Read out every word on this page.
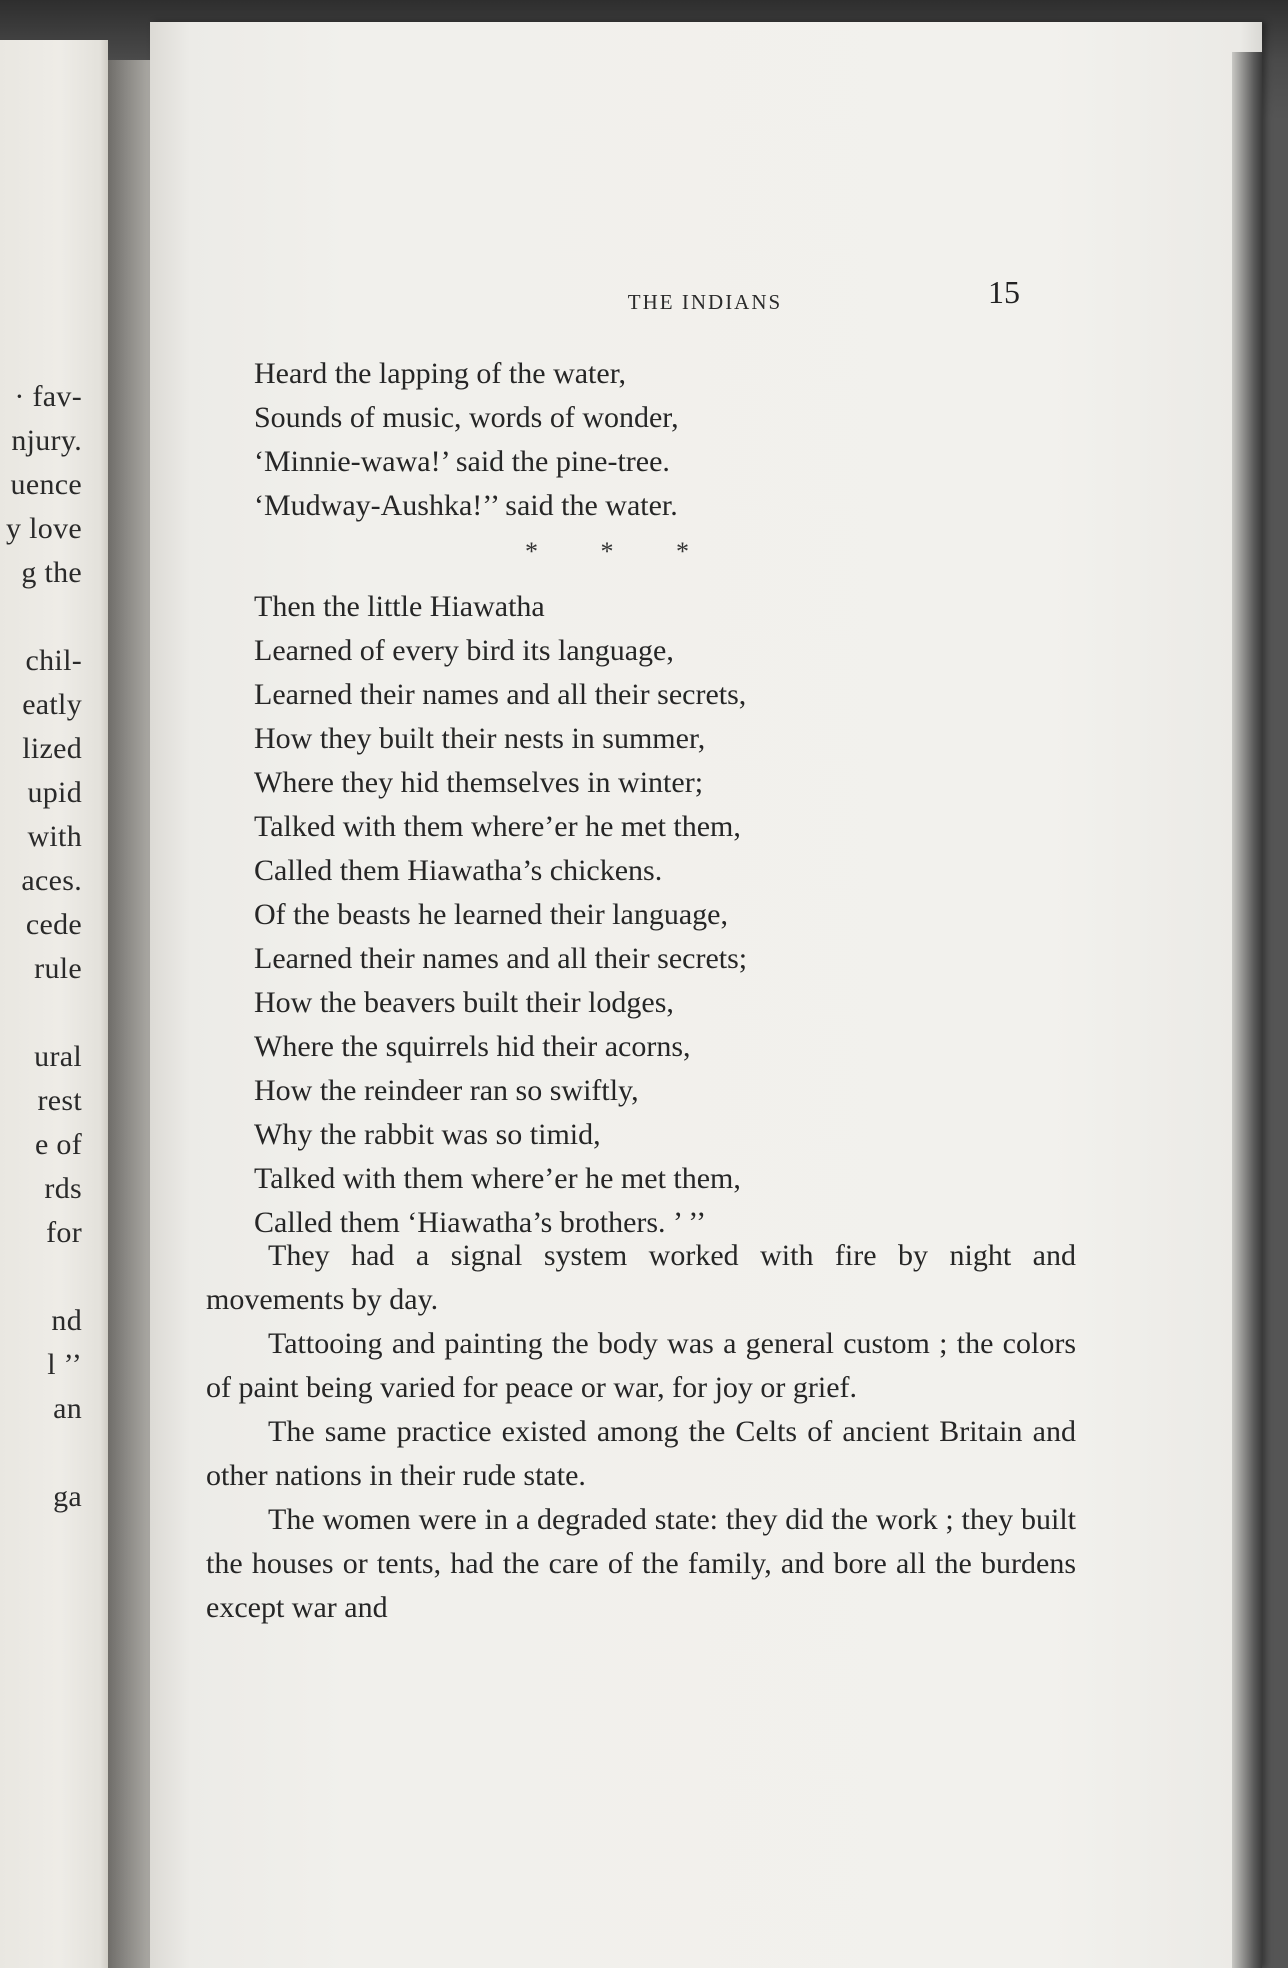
· fav-
njury.
uence
y love
g the
chil-
eatly
lized
upid
with
aces.
cede
rule
ural
rest
e of
rds
for
nd
l ’’
an
ga
THE INDIANS	15
Heard the lapping of the water,
Sounds of music, words of wonder,
‘Minnie-wawa!’ said the pine-tree.
‘Mudway-Aushka!’’ said the water.
* * *
Then the little Hiawatha
Learned of every bird its language,
Learned their names and all their secrets,
How they built their nests in summer,
Where they hid themselves in winter;
Talked with them where’er he met them,
Called them Hiawatha’s chickens.
Of the beasts he learned their language,
Learned their names and all their secrets;
How the beavers built their lodges,
Where the squirrels hid their acorns,
How the reindeer ran so swiftly,
Why the rabbit was so timid,
Talked with them where’er he met them,
Called them ‘Hiawatha’s brothers. ’ ’’

They had a signal system worked with fire by night and movements by day.

Tattooing and painting the body was a general custom ; the colors of paint being varied for peace or war, for joy or grief.

The same practice existed among the Celts of ancient Britain and other nations in their rude state.

The women were in a degraded state: they did the work ; they built the houses or tents, had the care of the family, and bore all the burdens except war and
